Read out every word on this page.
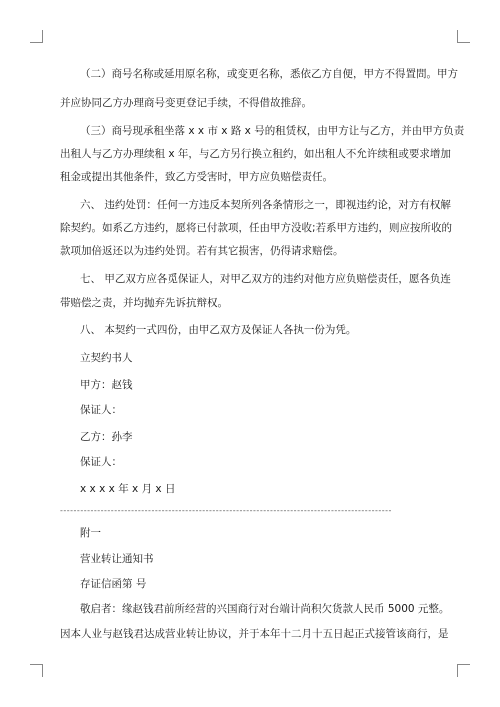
（二）商号名称或延用原名称，或变更名称，悉依乙方自便，甲方不得置問。甲方
并应协同乙方办理商号变更登记手续，不得借故推辞。
（三）商号现承租坐落 x x 市 x 路 x 号的租赁权，由甲方让与乙方，并由甲方负责
出租人与乙方办理续租 x 年，与乙方另行换立租约，如出租人不允许续租或要求增加
租金或提出其他条件，致乙方受害时，甲方应负赔偿责任。
六、 违约处罚：任何一方违反本契所列各条情形之一，即视违约论，对方有权解
除契约。如系乙方违约，愿将已付款项，任由甲方没收;若系甲方违约，则应按所收的
款项加倍返还以为违约处罚。若有其它损害，仍得请求赔偿。
七、 甲乙双方应各觅保证人，对甲乙双方的违约对他方应负赔偿责任，愿各负连
带赔偿之责，并均抛弃先诉抗辩权。
八、 本契约一式四份，由甲乙双方及保证人各执一份为凭。
立契约书人
甲方：赵钱
保证人：
乙方：孙李
保证人：
x x x x 年 x 月 x 日
--------------------------------------------------------------------------------------------------
附一
营业转让通知书
存证信函第 号
敬启者：缘赵钱君前所经营的兴国商行对台端计尚积欠货款人民币 5000 元整。
因本人业与赵钱君达成营业转让协议，并于本年十二月十五日起正式接管该商行，是
